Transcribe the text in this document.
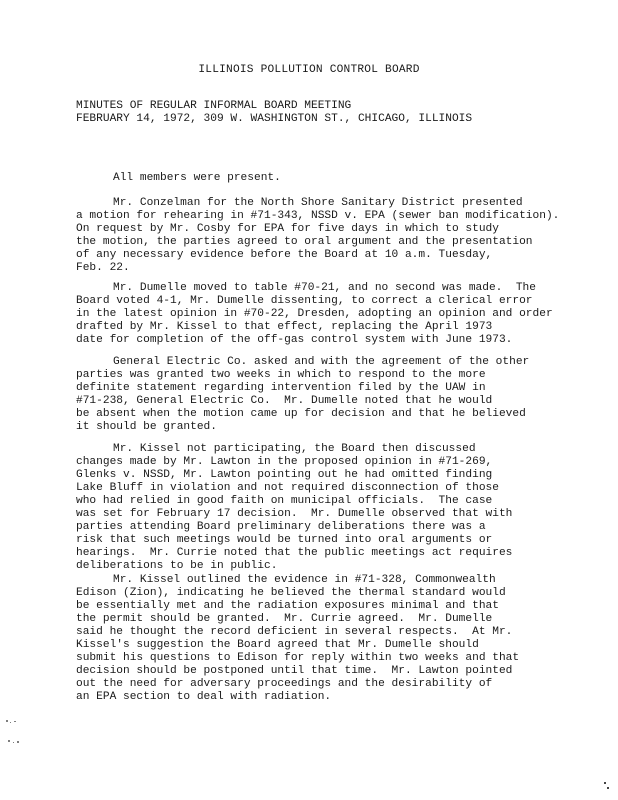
ILLINOIS POLLUTION CONTROL BOARD
MINUTES OF REGULAR INFORMAL BOARD MEETING
FEBRUARY 14, 1972, 309 W. WASHINGTON ST., CHICAGO, ILLINOIS
All members were present.
Mr. Conzelman for the North Shore Sanitary District presented
a motion for rehearing in #71-343, NSSD v. EPA (sewer ban modification).
On request by Mr. Cosby for EPA for five days in which to study
the motion, the parties agreed to oral argument and the presentation
of any necessary evidence before the Board at 10 a.m. Tuesday,
Feb. 22.
Mr. Dumelle moved to table #70-21, and no second was made.  The
Board voted 4-1, Mr. Dumelle dissenting, to correct a clerical error
in the latest opinion in #70-22, Dresden, adopting an opinion and order
drafted by Mr. Kissel to that effect, replacing the April 1973
date for completion of the off-gas control system with June 1973.
General Electric Co. asked and with the agreement of the other
parties was granted two weeks in which to respond to the more
definite statement regarding intervention filed by the UAW in
#71-238, General Electric Co.  Mr. Dumelle noted that he would
be absent when the motion came up for decision and that he believed
it should be granted.
Mr. Kissel not participating, the Board then discussed
changes made by Mr. Lawton in the proposed opinion in #71-269,
Glenks v. NSSD, Mr. Lawton pointing out he had omitted finding
Lake Bluff in violation and not required disconnection of those
who had relied in good faith on municipal officials.  The case
was set for February 17 decision.  Mr. Dumelle observed that with
parties attending Board preliminary deliberations there was a
risk that such meetings would be turned into oral arguments or
hearings.  Mr. Currie noted that the public meetings act requires
deliberations to be in public.
Mr. Kissel outlined the evidence in #71-328, Commonwealth
Edison (Zion), indicating he believed the thermal standard would
be essentially met and the radiation exposures minimal and that
the permit should be granted.  Mr. Currie agreed.  Mr. Dumelle
said he thought the record deficient in several respects.  At Mr.
Kissel's suggestion the Board agreed that Mr. Dumelle should
submit his questions to Edison for reply within two weeks and that
decision should be postponed until that time.  Mr. Lawton pointed
out the need for adversary proceedings and the desirability of
an EPA section to deal with radiation.
